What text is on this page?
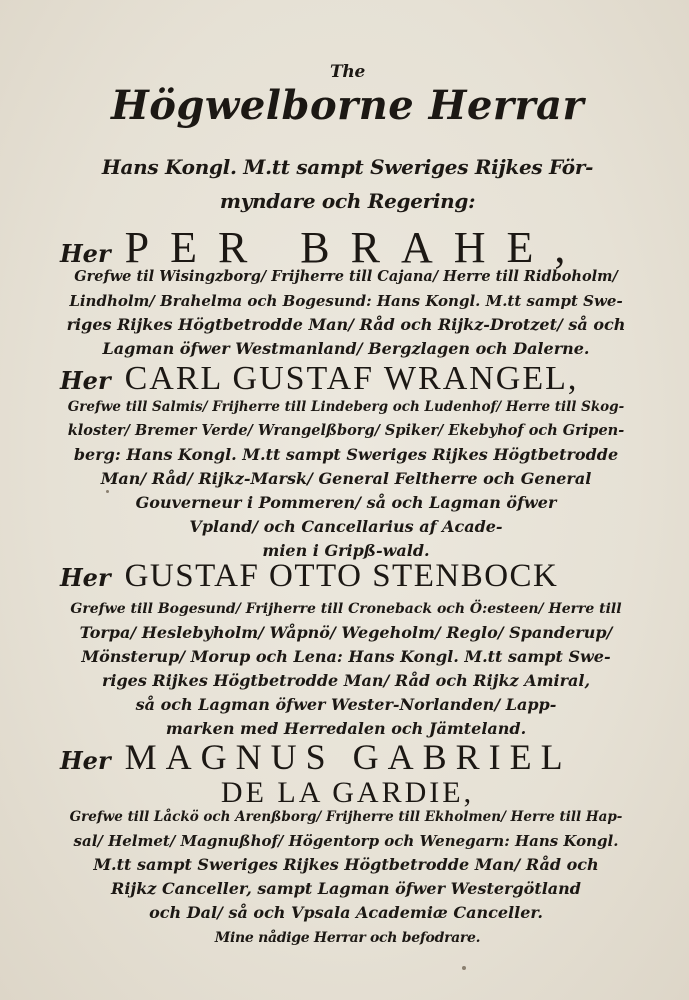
The
Högwelborne Herrar
Hans Kongl. M.tt sampt Sweriges Rijkes För-
myndare och Regering:
Her PER BRAHE,
Grefwe til Wisingzborg/ Frijherre till Cajana/ Herre till Ridboholm/
Lindholm/ Brahelma och Bogesund: Hans Kongl. M.tt sampt Swe-
riges Rijkes Högtbetrodde Man/ Råd och Rijkz-Drotzet/ så och
Lagman öfwer Westmanland/ Bergzlagen och Dalerne.
Her CARL GUSTAF WRANGEL,
Grefwe till Salmis/ Frijherre till Lindeberg och Ludenhof/ Herre till Skog-
kloster/ Bremer Verde/ Wrangelßborg/ Spiker/ Ekebyhof och Gripen-
berg: Hans Kongl. M.tt sampt Sweriges Rijkes Högtbetrodde
Man/ Råd/ Rijkz-Marsk/ General Feltherre och General
Gouverneur i Pommeren/ så och Lagman öfwer
Vpland/ och Cancellarius af Acade-
mien i Gripß-wald.
Her GUSTAF OTTO STENBOCK
Grefwe till Bogesund/ Frijherre till Croneback och Ö:esteen/ Herre till
Torpa/ Heslebyholm/ Wåpnö/ Wegeholm/ Reglo/ Spanderup/
Mönsterup/ Morup och Lena: Hans Kongl. M.tt sampt Swe-
riges Rijkes Högtbetrodde Man/ Råd och Rijkz Amiral,
så och Lagman öfwer Wester-Norlanden/ Lapp-
marken med Herredalen och Jämteland.
Her MAGNUS GABRIEL
DE LA GARDIE,
Grefwe till Låckö och Arenßborg/ Frijherre till Ekholmen/ Herre till Hap-
sal/ Helmet/ Magnußhof/ Högentorp och Wenegarn: Hans Kongl.
M.tt sampt Sweriges Rijkes Högtbetrodde Man/ Råd och
Rijkz Canceller, sampt Lagman öfwer Westergötland
och Dal/ så och Vpsala Academiæ Canceller.
Mine nådige Herrar och befodrare.
